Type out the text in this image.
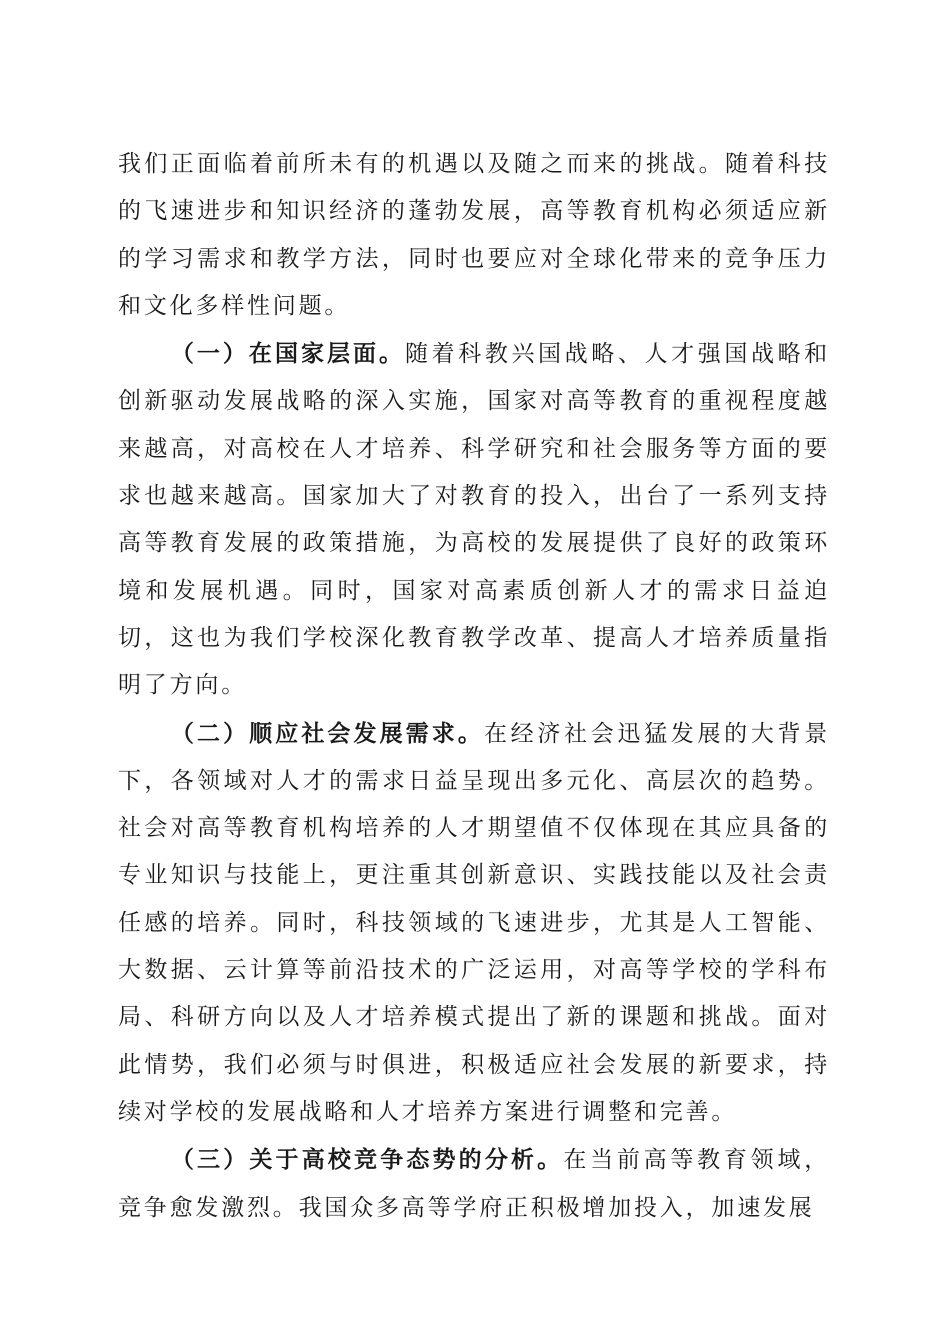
我们正面临着前所未有的机遇以及随之而来的挑战。随着科技的飞速进步和知识经济的蓬勃发展，高等教育机构必须适应新的学习需求和教学方法，同时也要应对全球化带来的竞争压力和文化多样性问题。

（一）在国家层面。随着科教兴国战略、人才强国战略和创新驱动发展战略的深入实施，国家对高等教育的重视程度越来越高，对高校在人才培养、科学研究和社会服务等方面的要求也越来越高。国家加大了对教育的投入，出台了一系列支持高等教育发展的政策措施，为高校的发展提供了良好的政策环境和发展机遇。同时，国家对高素质创新人才的需求日益迫切，这也为我们学校深化教育教学改革、提高人才培养质量指明了方向。

（二）顺应社会发展需求。在经济社会迅猛发展的大背景下，各领域对人才的需求日益呈现出多元化、高层次的趋势。社会对高等教育机构培养的人才期望值不仅体现在其应具备的专业知识与技能上，更注重其创新意识、实践技能以及社会责任感的培养。同时，科技领域的飞速进步，尤其是人工智能、大数据、云计算等前沿技术的广泛运用，对高等学校的学科布局、科研方向以及人才培养模式提出了新的课题和挑战。面对此情势，我们必须与时俱进，积极适应社会发展的新要求，持续对学校的发展战略和人才培养方案进行调整和完善。

（三）关于高校竞争态势的分析。在当前高等教育领域，竞争愈发激烈。我国众多高等学府正积极增加投入，加速发展
